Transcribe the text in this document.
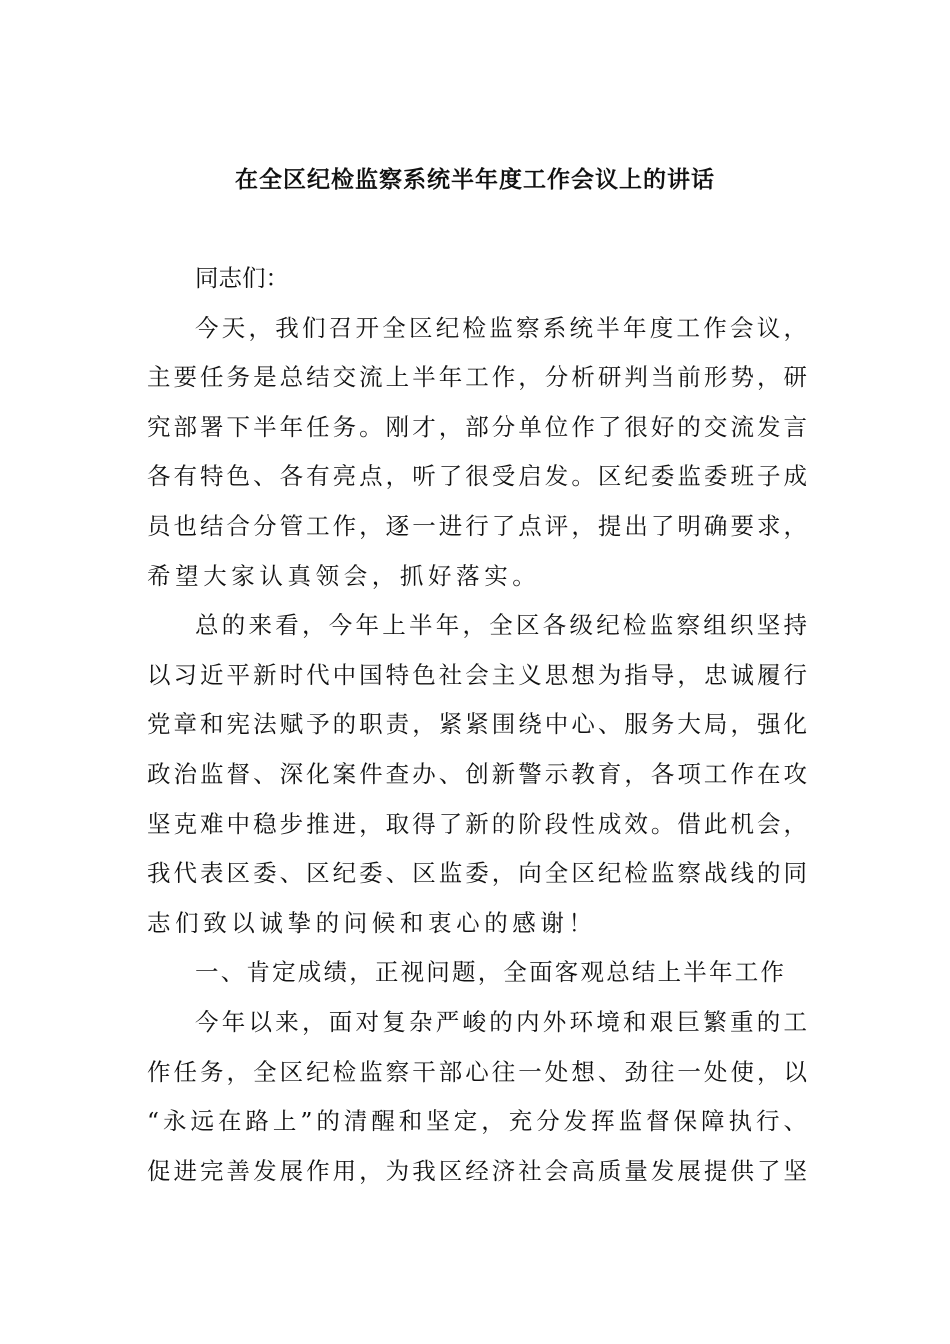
在全区纪检监察系统半年度工作会议上的讲话
同志们：
今天，我们召开全区纪检监察系统半年度工作会议，
主要任务是总结交流上半年工作，分析研判当前形势，研
究部署下半年任务。刚才，部分单位作了很好的交流发言
各有特色、各有亮点，听了很受启发。区纪委监委班子成
员也结合分管工作，逐一进行了点评，提出了明确要求，
希望大家认真领会，抓好落实。
总的来看，今年上半年，全区各级纪检监察组织坚持
以习近平新时代中国特色社会主义思想为指导，忠诚履行
党章和宪法赋予的职责，紧紧围绕中心、服务大局，强化
政治监督、深化案件查办、创新警示教育，各项工作在攻
坚克难中稳步推进，取得了新的阶段性成效。借此机会，
我代表区委、区纪委、区监委，向全区纪检监察战线的同
志们致以诚挚的问候和衷心的感谢！
一、肯定成绩，正视问题，全面客观总结上半年工作
今年以来，面对复杂严峻的内外环境和艰巨繁重的工
作任务，全区纪检监察干部心往一处想、劲往一处使，以
“永远在路上”的清醒和坚定，充分发挥监督保障执行、
促进完善发展作用，为我区经济社会高质量发展提供了坚
